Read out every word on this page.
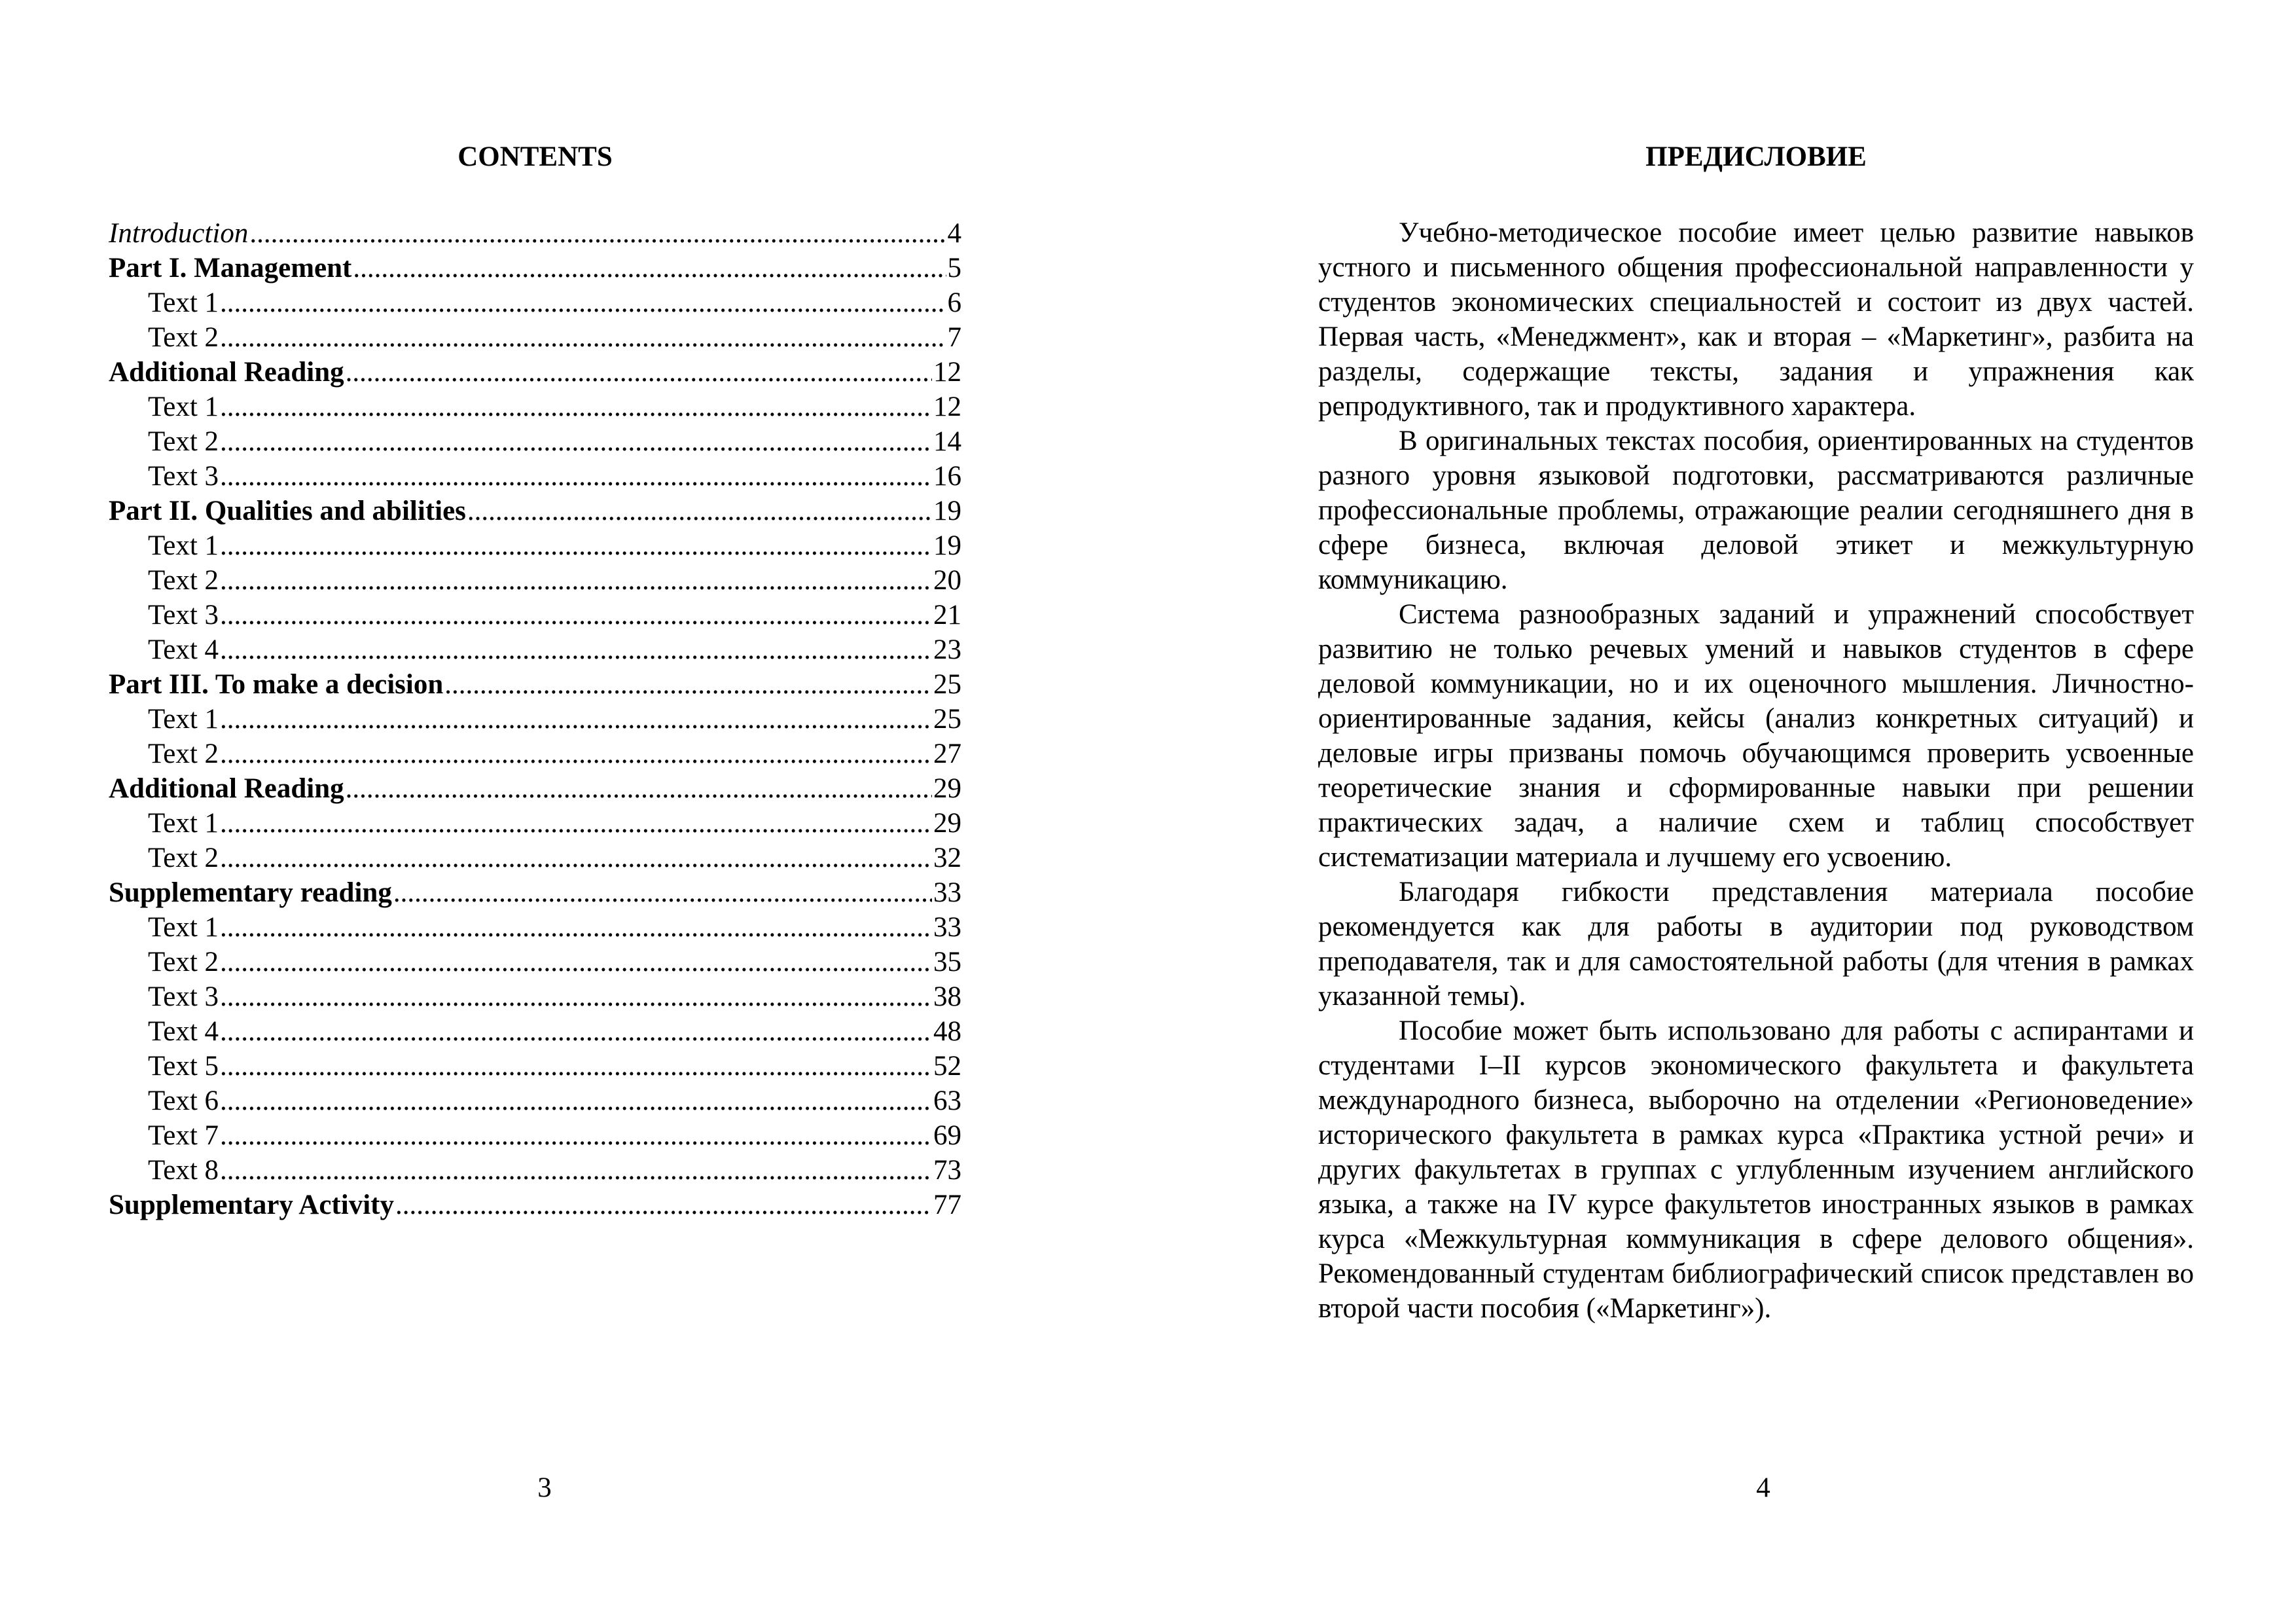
CONTENTS
Introduction .....	4
Part I. Management .....	5
Text 1 .....	6
Text 2 .....	7
Additional Reading .....	12
Text 1 .....	12
Text 2 .....	14
Text 3 .....	16
Part II. Qualities and abilities .....	19
Text 1 .....	19
Text 2 .....	20
Text 3 .....	21
Text 4 .....	23
Part III. To make a decision .....	25
Text 1 .....	25
Text 2 .....	27
Additional Reading .....	29
Text 1 .....	29
Text 2 .....	32
Supplementary reading .....	33
Text 1 .....	33
Text 2 .....	35
Text 3 .....	38
Text 4 .....	48
Text 5 .....	52
Text 6 .....	63
Text 7 .....	69
Text 8 .....	73
Supplementary Activity .....	77
ПРЕДИСЛОВИЕ

Учебно-методическое пособие имеет целью развитие навыков устного и письменного общения профессиональной направленности у студентов экономических специальностей и состоит из двух частей. Первая часть, «Менеджмент», как и вторая – «Маркетинг», разбита на разделы, содержащие тексты, задания и упражнения как репродуктивного, так и продуктивного характера.

В оригинальных текстах пособия, ориентированных на студентов разного уровня языковой подготовки, рассматриваются различные профессиональные проблемы, отражающие реалии сегодняшнего дня в сфере бизнеса, включая деловой этикет и межкультурную коммуникацию.

Система разнообразных заданий и упражнений способствует развитию не только речевых умений и навыков студентов в сфере деловой коммуникации, но и их оценочного мышления. Личностно-ориентированные задания, кейсы (анализ конкретных ситуаций) и деловые игры призваны помочь обучающимся проверить усвоенные теоретические знания и сформированные навыки при решении практических задач, а наличие схем и таблиц способствует систематизации материала и лучшему его усвоению.

Благодаря гибкости представления материала пособие рекомендуется как для работы в аудитории под руководством преподавателя, так и для самостоятельной работы (для чтения в рамках указанной темы).

Пособие может быть использовано для работы с аспирантами и студентами I–II курсов экономического факультета и факультета международного бизнеса, выборочно на отделении «Регионоведение» исторического факультета в рамках курса «Практика устной речи» и других факультетах в группах с углубленным изучением английского языка, а также на IV курсе факультетов иностранных языков в рамках курса «Межкультурная коммуникация в сфере делового общения». Рекомендованный студентам библиографический список представлен во второй части пособия («Маркетинг»).

3	4
